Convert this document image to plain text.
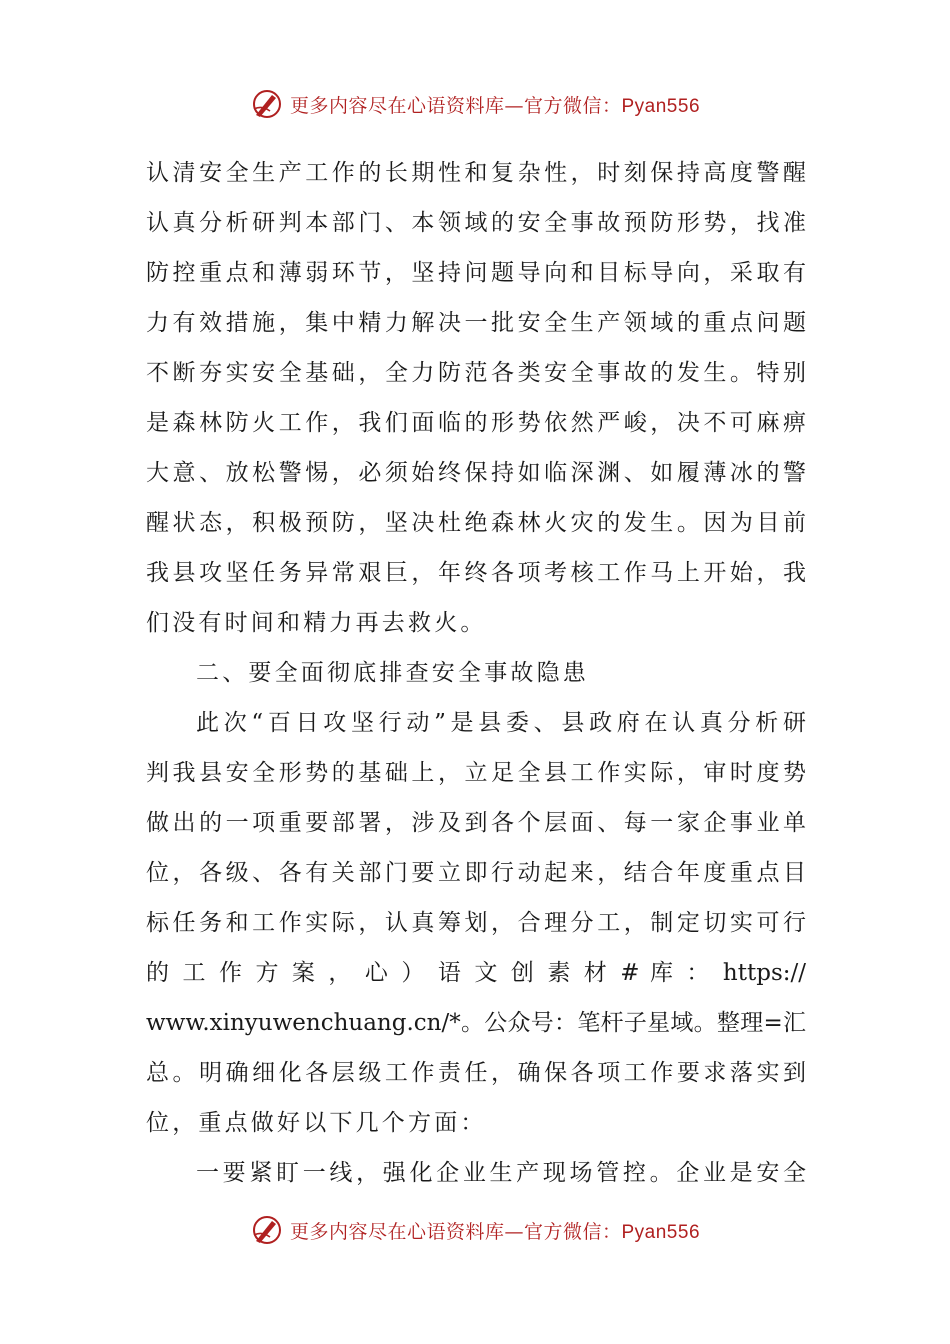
更多内容尽在心语资料库—官方微信：Pyan556
认清安全生产工作的长期性和复杂性，时刻保持高度警醒
认真分析研判本部门、本领域的安全事故预防形势，找准
防控重点和薄弱环节，坚持问题导向和目标导向，采取有
力有效措施，集中精力解决一批安全生产领域的重点问题
不断夯实安全基础，全力防范各类安全事故的发生。特别
是森林防火工作，我们面临的形势依然严峻，决不可麻痹
大意、放松警惕，必须始终保持如临深渊、如履薄冰的警
醒状态，积极预防，坚决杜绝森林火灾的发生。因为目前
我县攻坚任务异常艰巨，年终各项考核工作马上开始，我
们没有时间和精力再去救火。
二、要全面彻底排查安全事故隐患
此次“百日攻坚行动”是县委、县政府在认真分析研
判我县安全形势的基础上，立足全县工作实际，审时度势
做出的一项重要部署，涉及到各个层面、每一家企事业单
位，各级、各有关部门要立即行动起来，结合年度重点目
标任务和工作实际，认真筹划，合理分工，制定切实可行
的 工 作 方 案 ， 心 ） 语 文 创 素 材 # 库 ： https://
www.xinyuwenchuang.cn/*。公众号：笔杆子星域。整理=汇
总。明确细化各层级工作责任，确保各项工作要求落实到
位，重点做好以下几个方面：
一要紧盯一线，强化企业生产现场管控。企业是安全
更多内容尽在心语资料库—官方微信：Pyan556
